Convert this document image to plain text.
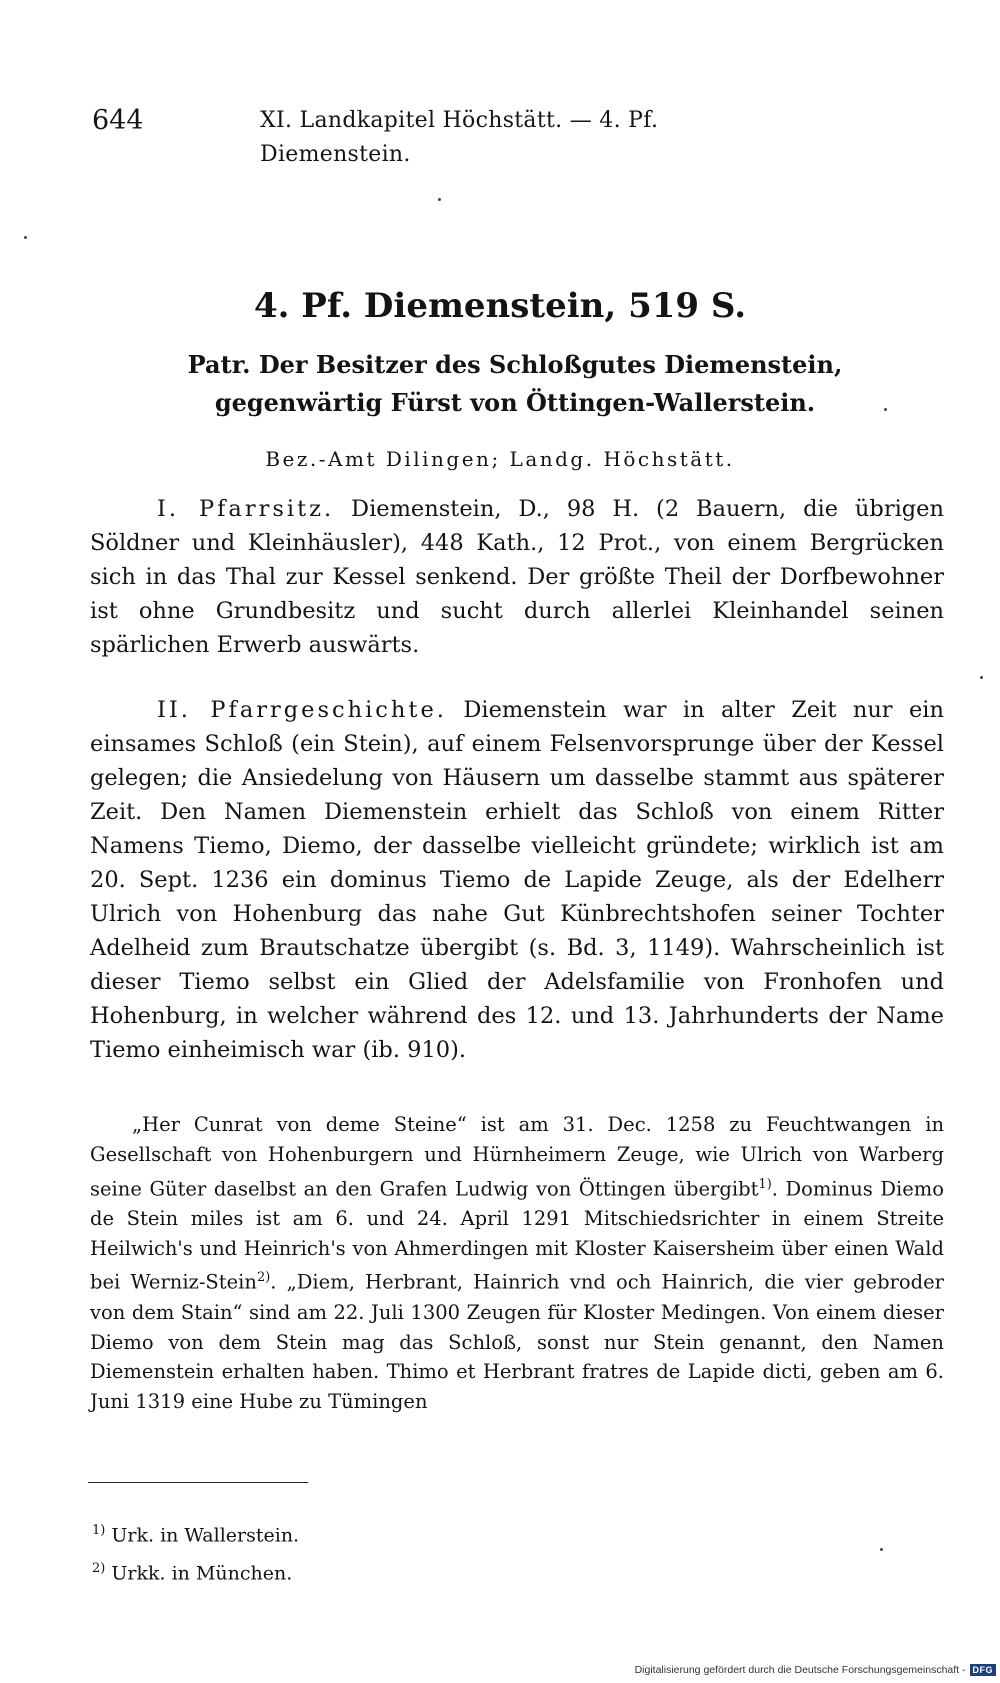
644	XI. Landkapitel Höchstätt. — 4. Pf. Diemenstein.
4. Pf. Diemenstein, 519 S.
Patr. Der Besitzer des Schloßgutes Diemenstein, gegenwärtig Fürst von Öttingen-Wallerstein.
Bez.-Amt Dilingen; Landg. Höchstätt.
I. Pfarrsitz. Diemenstein, D., 98 H. (2 Bauern, die übrigen Söldner und Kleinhäusler), 448 Kath., 12 Prot., von einem Bergrücken sich in das Thal zur Kessel senkend. Der größte Theil der Dorfbewohner ist ohne Grundbesitz und sucht durch allerlei Kleinhandel seinen spärlichen Erwerb auswärts.
II. Pfarrgeschichte. Diemenstein war in alter Zeit nur ein einsames Schloß (ein Stein), auf einem Felsenvorsprunge über der Kessel gelegen; die Ansiedelung von Häusern um dasselbe stammt aus späterer Zeit. Den Namen Diemenstein erhielt das Schloß von einem Ritter Namens Tiemo, Diemo, der dasselbe vielleicht gründete; wirklich ist am 20. Sept. 1236 ein dominus Tiemo de Lapide Zeuge, als der Edelherr Ulrich von Hohenburg das nahe Gut Künbrechtshofen seiner Tochter Adelheid zum Brautschatze übergibt (s. Bd. 3, 1149). Wahrscheinlich ist dieser Tiemo selbst ein Glied der Adelsfamilie von Fronhofen und Hohenburg, in welcher während des 12. und 13. Jahrhunderts der Name Tiemo einheimisch war (ib. 910).
„Her Cunrat von deme Steine“ ist am 31. Dec. 1258 zu Feuchtwangen in Gesellschaft von Hohenburgern und Hürnheimern Zeuge, wie Ulrich von Warberg seine Güter daselbst an den Grafen Ludwig von Öttingen übergibt$^{1)}$. Dominus Diemo de Stein miles ist am 6. und 24. April 1291 Mitschiedsrichter in einem Streite Heilwich's und Heinrich's von Ahmerdingen mit Kloster Kaisersheim über einen Wald bei Werniz-Stein$^{2)}$. „Diem, Herbrant, Hainrich vnd och Hainrich, die vier gebroder von dem Stain“ sind am 22. Juli 1300 Zeugen für Kloster Medingen. Von einem dieser Diemo von dem Stein mag das Schloß, sonst nur Stein genannt, den Namen Diemenstein erhalten haben. Thimo et Herbrant fratres de Lapide dicti, geben am 6. Juni 1319 eine Hube zu Tümingen
$^{1)}$ Urk. in Wallerstein.
$^{2)}$ Urkk. in München.
Digitalisierung gefördert durch die Deutsche Forschungsgemeinschaft - DFG
